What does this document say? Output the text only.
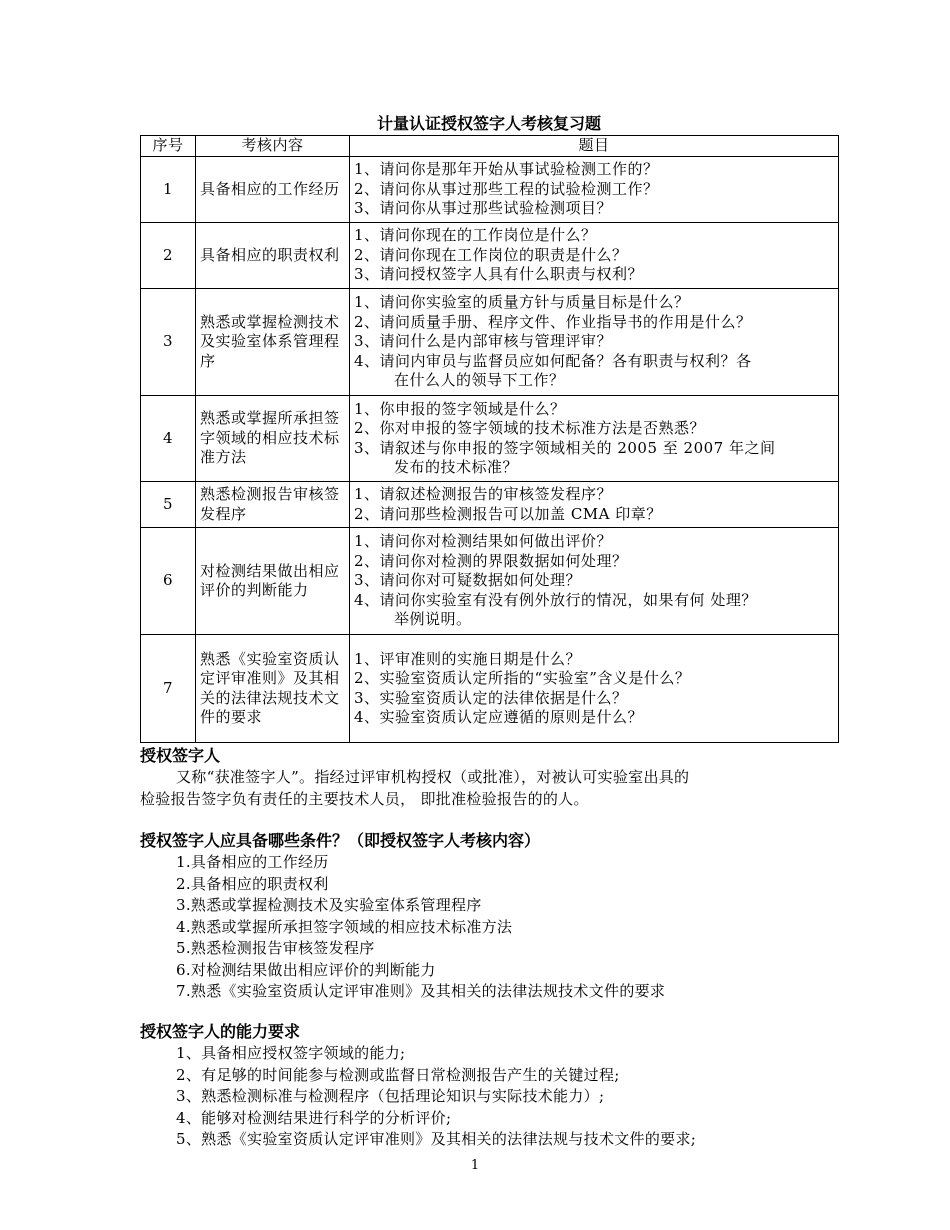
计量认证授权签字人考核复习题
序号	考核内容	题目
1	具备相应的工作经历	1、请问你是那年开始从事试验检测工作的？
2、请问你从事过那些工程的试验检测工作？
3、请问你从事过那些试验检测项目？

2	具备相应的职责权利	1、请问你现在的工作岗位是什么？
2、请问你现在工作岗位的职责是什么？
3、请问授权签字人具有什么职责与权利？

3	熟悉或掌握检测技术及实验室体系管理程序	1、请问你实验室的质量方针与质量目标是什么？
2、请问质量手册、程序文件、作业指导书的作用是什么？
3、请问什么是内部审核与管理评审？
4、请问内审员与监督员应如何配备？各有职责与权利？各
在什么人的领导下工作？

4	熟悉或掌握所承担签字领域的相应技术标准方法	1、你申报的签字领域是什么？
2、你对申报的签字领域的技术标准方法是否熟悉？
3、请叙述与你申报的签字领域相关的 2005 至 2007 年之间
发布的技术标准？

5	熟悉检测报告审核签发程序	1、请叙述检测报告的审核签发程序？
2、请问那些检测报告可以加盖 CMA 印章？

6	对检测结果做出相应评价的判断能力	1、请问你对检测结果如何做出评价？
2、请问你对检测的界限数据如何处理？
3、请问你对可疑数据如何处理？
4、请问你实验室有没有例外放行的情况，如果有何 处理？
举例说明。

7	熟悉《实验室资质认定评审准则》及其相关的法律法规技术文件的要求	1、评审准则的实施日期是什么？
2、实验室资质认定所指的“实验室”含义是什么？
3、实验室资质认定的法律依据是什么？
4、实验室资质认定应遵循的原则是什么？
授权签字人
又称“获准签字人”。指经过评审机构授权（或批准），对被认可实验室出具的
检验报告签字负有责任的主要技术人员， 即批准检验报告的的人。
授权签字人应具备哪些条件？（即授权签字人考核内容）
1.具备相应的工作经历
2.具备相应的职责权利
3.熟悉或掌握检测技术及实验室体系管理程序
4.熟悉或掌握所承担签字领域的相应技术标准方法
5.熟悉检测报告审核签发程序
6.对检测结果做出相应评价的判断能力
7.熟悉《实验室资质认定评审准则》及其相关的法律法规技术文件的要求
授权签字人的能力要求
1、具备相应授权签字领域的能力;
2、有足够的时间能参与检测或监督日常检测报告产生的关键过程;
3、熟悉检测标准与检测程序（包括理论知识与实际技术能力）;
4、能够对检测结果进行科学的分析评价;
5、熟悉《实验室资质认定评审准则》及其相关的法律法规与技术文件的要求;
1
